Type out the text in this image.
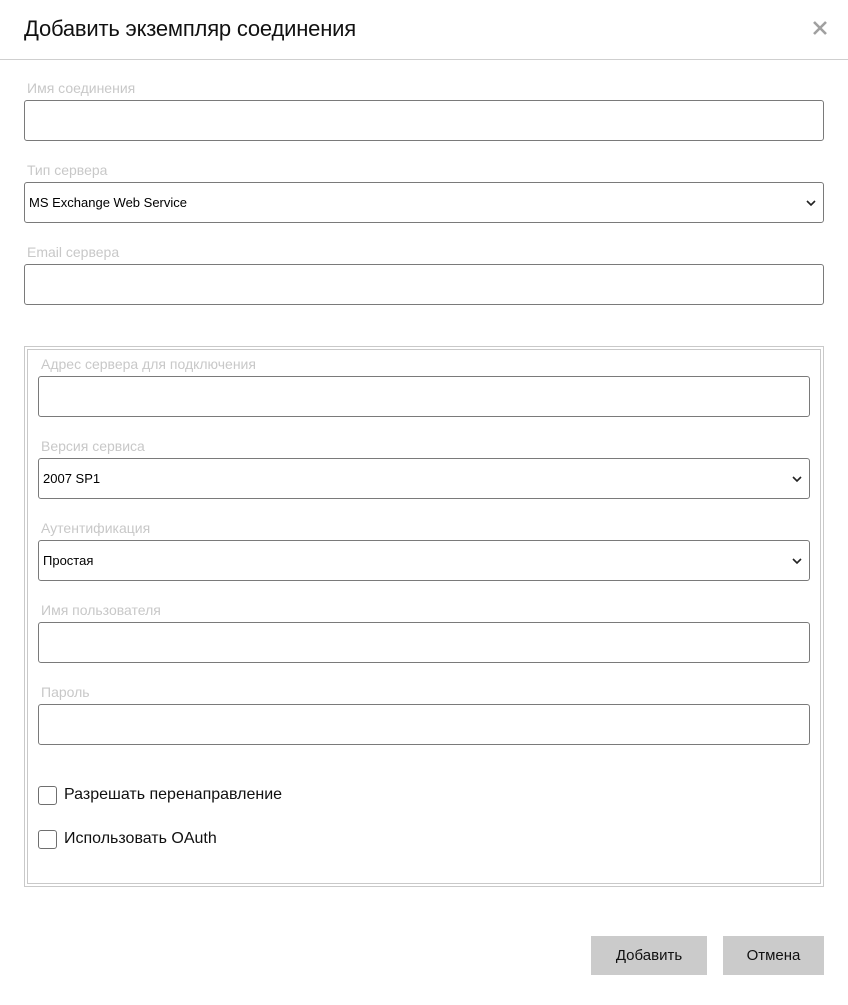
Добавить экземпляр соединения
Имя соединения
Тип сервера
MS Exchange Web Service
Email сервера
Адрес сервера для подключения
Версия сервиса
2007 SP1
Аутентификация
Простая
Имя пользователя
Пароль
Разрешать перенаправление
Использовать OAuth
Добавить	Отмена
